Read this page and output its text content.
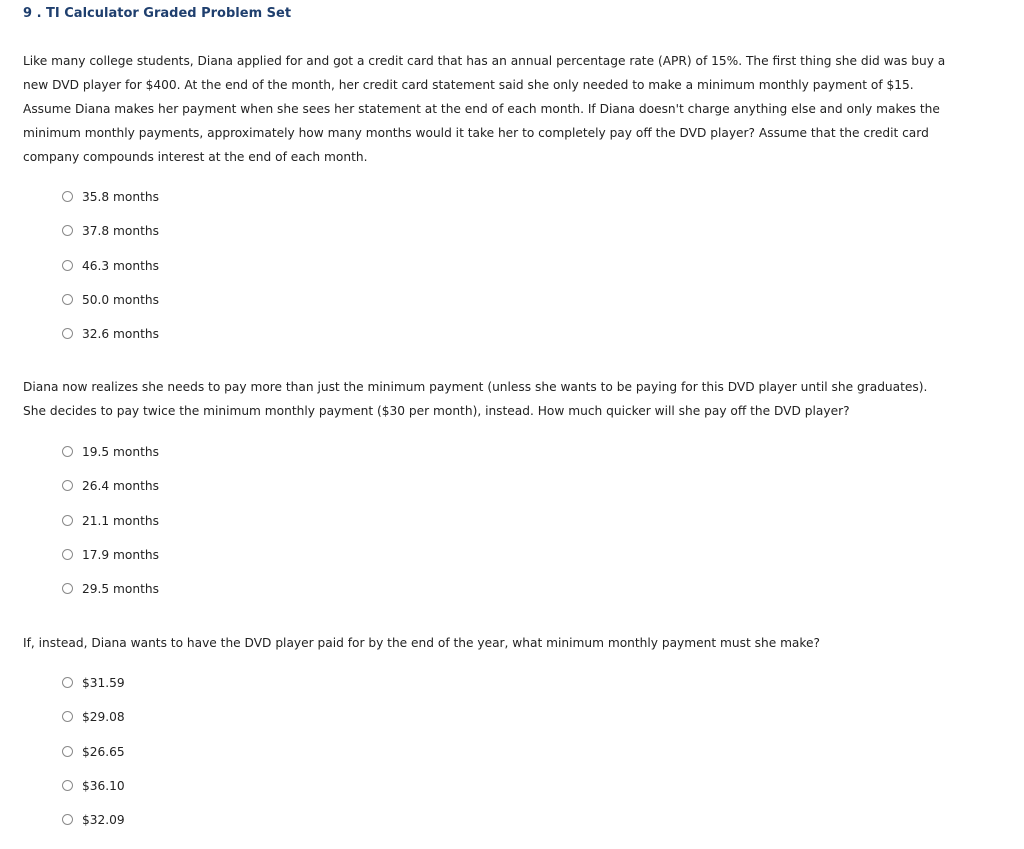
9 . TI Calculator Graded Problem Set

Like many college students, Diana applied for and got a credit card that has an annual percentage rate (APR) of 15%. The first thing she did was buy a new DVD player for $400. At the end of the month, her credit card statement said she only needed to make a minimum monthly payment of $15. Assume Diana makes her payment when she sees her statement at the end of each month. If Diana doesn't charge anything else and only makes the minimum monthly payments, approximately how many months would it take her to completely pay off the DVD player? Assume that the credit card company compounds interest at the end of each month.

35.8 months
37.8 months
46.3 months
50.0 months
32.6 months

Diana now realizes she needs to pay more than just the minimum payment (unless she wants to be paying for this DVD player until she graduates). She decides to pay twice the minimum monthly payment ($30 per month), instead. How much quicker will she pay off the DVD player?

19.5 months
26.4 months
21.1 months
17.9 months
29.5 months

If, instead, Diana wants to have the DVD player paid for by the end of the year, what minimum monthly payment must she make?

$31.59
$29.08
$26.65
$36.10
$32.09
